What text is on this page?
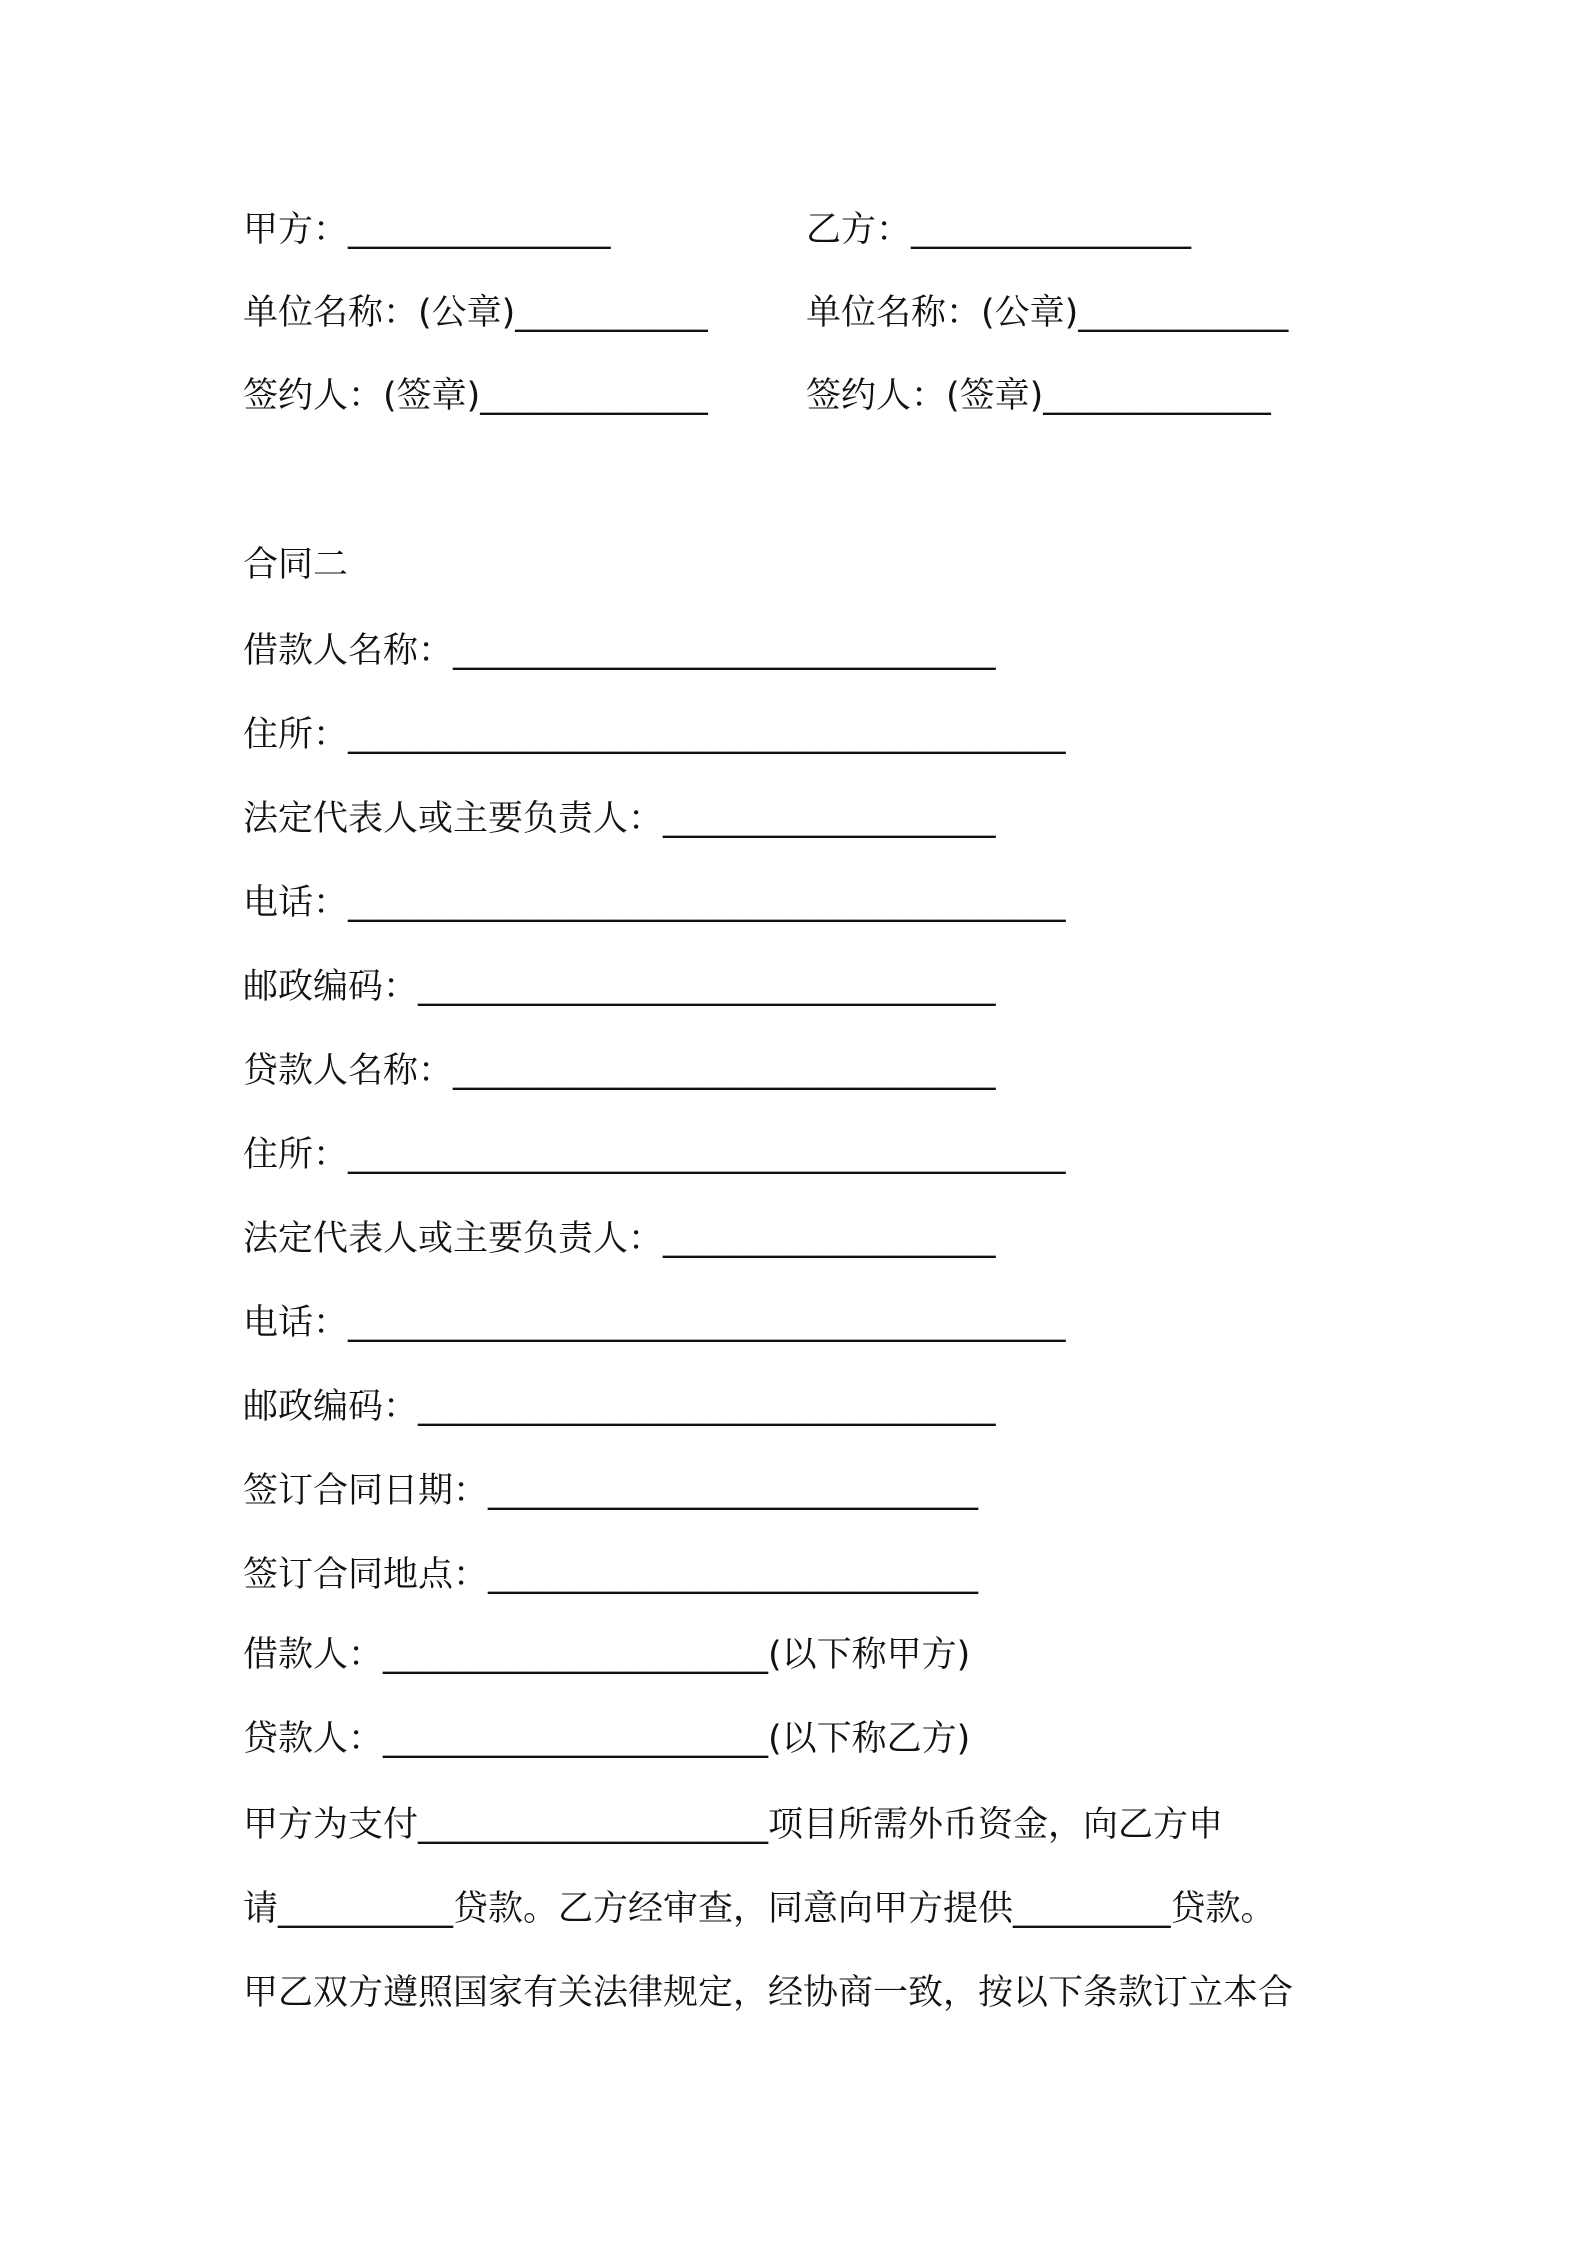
甲方：_______________	乙方：________________
单位名称：(公章)___________	单位名称：(公章)____________
签约人：(签章)_____________	签约人：(签章)_____________
合同二
借款人名称：_______________________________
住所：_________________________________________
法定代表人或主要负责人：___________________
电话：_________________________________________
邮政编码：_________________________________
贷款人名称：_______________________________
住所：_________________________________________
法定代表人或主要负责人：___________________
电话：_________________________________________
邮政编码：_________________________________
签订合同日期：____________________________
签订合同地点：____________________________
借款人：______________________(以下称甲方)
贷款人：______________________(以下称乙方)
甲方为支付____________________项目所需外币资金，向乙方申
请__________贷款。乙方经审查，同意向甲方提供_________贷款。
甲乙双方遵照国家有关法律规定，经协商一致，按以下条款订立本合
